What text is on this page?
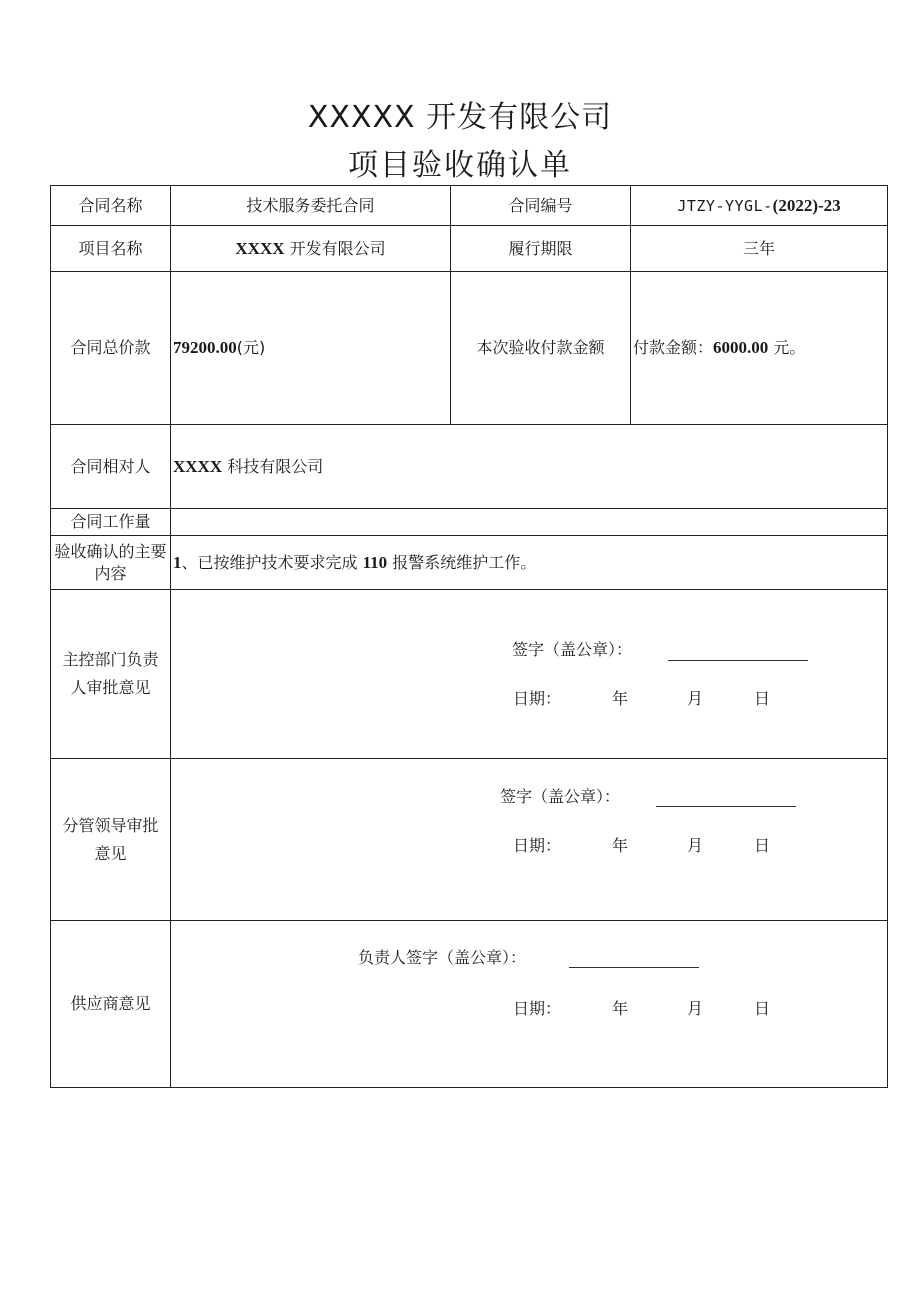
XXXXX 开发有限公司
项目验收确认单
合同名称	技术服务委托合同	合同编号	JTZY-YYGL-(2022)-23
项目名称	XXXX 开发有限公司	履行期限	三年
合同总价款	79200.00(元)	本次验收付款金额	付款金额：6000.00 元。
合同相对人	XXXX 科技有限公司		
合同工作量			
验收确认的主要内容	1、已按维护技术要求完成 110 报警系统维护工作。		
主控部门负责人审批意见	签字（盖公章）：
日期： 年 月 日		

分管领导审批意见	签字（盖公章）：
日期： 年 月 日		

供应商意见	负责人签字（盖公章）：
日期： 年 月 日		
